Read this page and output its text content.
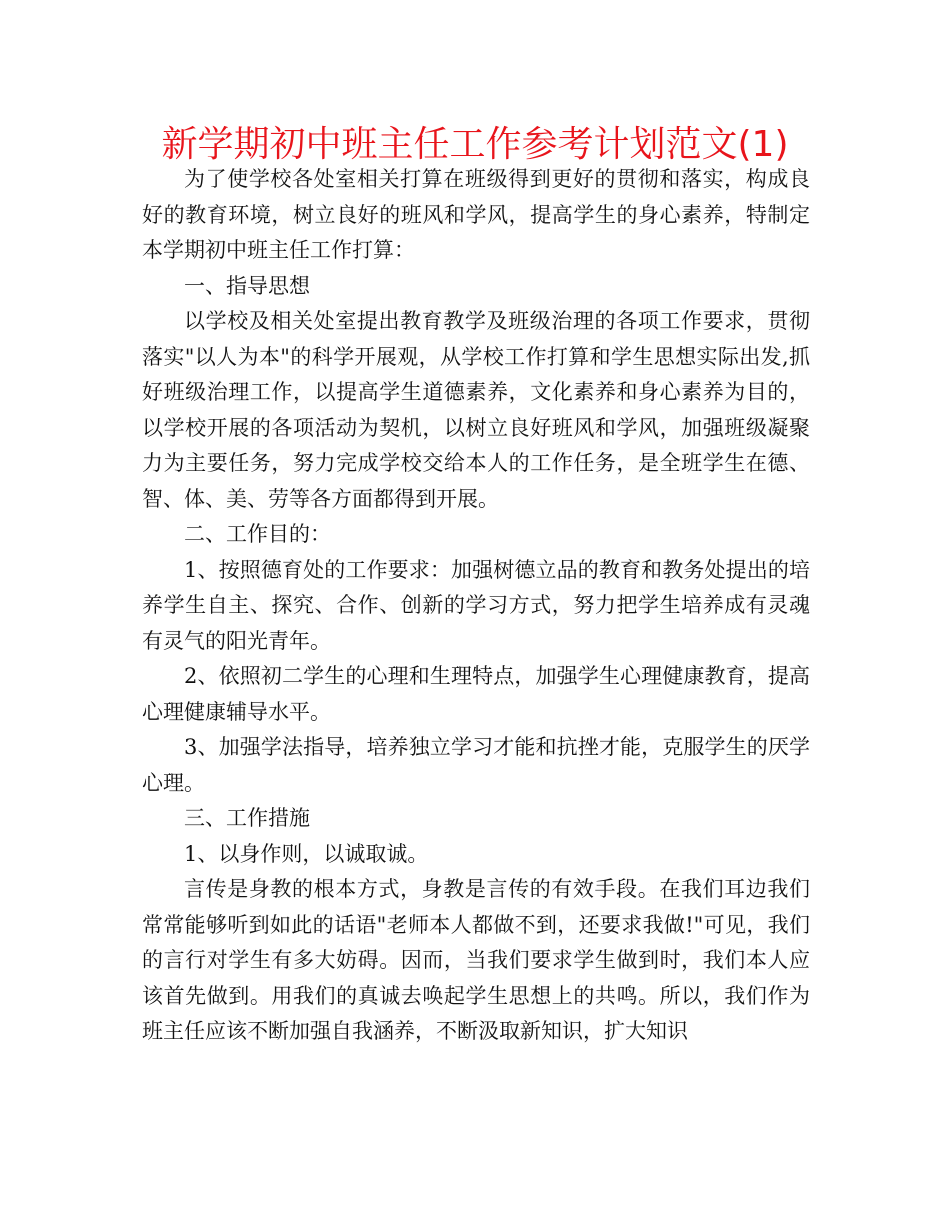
新学期初中班主任工作参考计划范文(1)

为了使学校各处室相关打算在班级得到更好的贯彻和落实，构成良好的教育环境，树立良好的班风和学风，提高学生的身心素养，特制定本学期初中班主任工作打算：

一、指导思想

以学校及相关处室提出教育教学及班级治理的各项工作要求，贯彻落实"以人为本"的科学开展观，从学校工作打算和学生思想实际出发,抓好班级治理工作，以提高学生道德素养，文化素养和身心素养为目的，以学校开展的各项活动为契机，以树立良好班风和学风，加强班级凝聚力为主要任务，努力完成学校交给本人的工作任务，是全班学生在德、智、体、美、劳等各方面都得到开展。

二、工作目的：

1、按照德育处的工作要求：加强树德立品的教育和教务处提出的培养学生自主、探究、合作、创新的学习方式，努力把学生培养成有灵魂有灵气的阳光青年。

2、依照初二学生的心理和生理特点，加强学生心理健康教育，提高心理健康辅导水平。

3、加强学法指导，培养独立学习才能和抗挫才能，克服学生的厌学心理。

三、工作措施

1、以身作则，以诚取诚。

言传是身教的根本方式，身教是言传的有效手段。在我们耳边我们常常能够听到如此的话语"老师本人都做不到，还要求我做!"可见，我们的言行对学生有多大妨碍。因而，当我们要求学生做到时，我们本人应该首先做到。用我们的真诚去唤起学生思想上的共鸣。所以，我们作为班主任应该不断加强自我涵养，不断汲取新知识，扩大知识
